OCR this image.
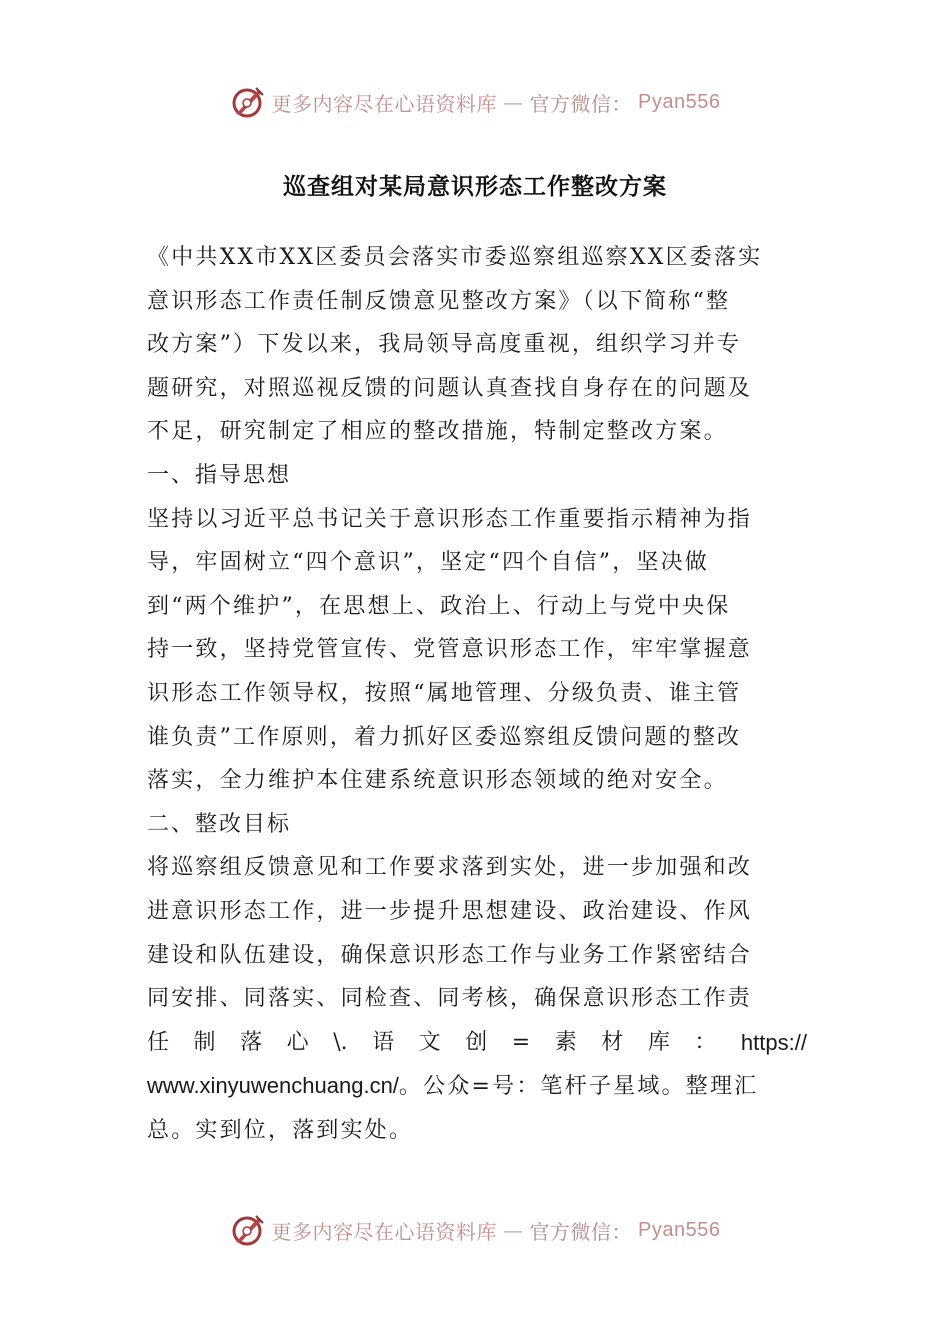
更多内容尽在心语资料库 — 官方微信： Pyan556
巡查组对某局意识形态工作整改方案

《中共XX市XX区委员会落实市委巡察组巡察XX区委落实

意识形态工作责任制反馈意见整改方案》（以下简称“整

改方案”）下发以来，我局领导高度重视，组织学习并专

题研究，对照巡视反馈的问题认真查找自身存在的问题及

不足，研究制定了相应的整改措施，特制定整改方案。

一、指导思想

坚持以习近平总书记关于意识形态工作重要指示精神为指

导，牢固树立“四个意识”，坚定“四个自信”，坚决做

到“两个维护”，在思想上、政治上、行动上与党中央保

持一致，坚持党管宣传、党管意识形态工作，牢牢掌握意

识形态工作领导权，按照“属地管理、分级负责、谁主管

谁负责”工作原则，着力抓好区委巡察组反馈问题的整改

落实，全力维护本住建系统意识形态领域的绝对安全。

二、整改目标

将巡察组反馈意见和工作要求落到实处，进一步加强和改

进意识形态工作，进一步提升思想建设、政治建设、作风

建设和队伍建设，确保意识形态工作与业务工作紧密结合

同安排、同落实、同检查、同考核，确保意识形态工作责

任 制 落 心 \. 语 文 创 = 素 材 库 ： https://

www.xinyuwenchuang.cn/。公众=号：笔杆子星域。整理汇

总。实到位，落到实处。

更多内容尽在心语资料库 — 官方微信： Pyan556
